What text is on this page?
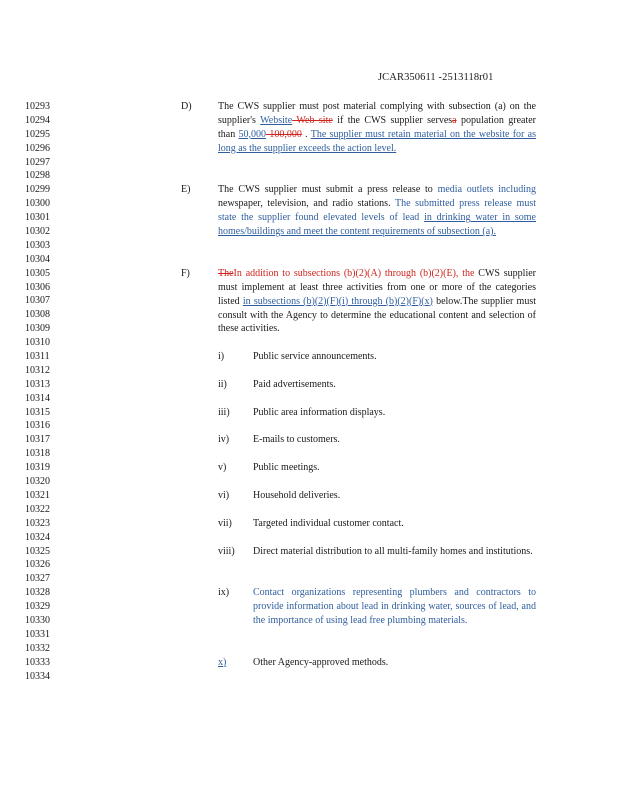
JCAR350611 -2513118r01
10293
10294
10295
10296
10297
10298
10299
10300
10301
10302
10303
10304
10305
10306
10307
10308
10309
10310
10311
10312
10313
10314
10315
10316
10317
10318
10319
10320
10321
10322
10323
10324
10325
10326
10327
10328
10329
10330
10331
10332
10333
10334
D)	The CWS supplier must post material complying with subsection (a) on the supplier's Website Web site if the CWS supplier servesa population greater than 50,000 100,000 . The supplier must retain material on the website for as long as the supplier exceeds the action level.
E)	The CWS supplier must submit a press release to media outlets including newspaper, television, and radio stations. The submitted press release must state the supplier found elevated levels of lead in drinking water in some homes/buildings and meet the content requirements of subsection (a).
F)	TheIn addition to subsections (b)(2)(A) through (b)(2)(E), the CWS supplier must implement at least three activities from one or more of the categories listed in subsections (b)(2)(F)(i) through (b)(2)(F)(x) below.The supplier must consult with the Agency to determine the educational content and selection of these activities.
i)	Public service announcements.
ii)	Paid advertisements.
iii) Public area information displays.
iv) E-mails to customers.
v)	Public meetings.
vi) Household deliveries.
vii) Targeted individual customer contact.
viii) Direct material distribution to all multi-family homes and institutions.
ix) Contact organizations representing plumbers and contractors to provide information about lead in drinking water, sources of lead, and the importance of using lead free plumbing materials.
x)	Other Agency-approved methods.
